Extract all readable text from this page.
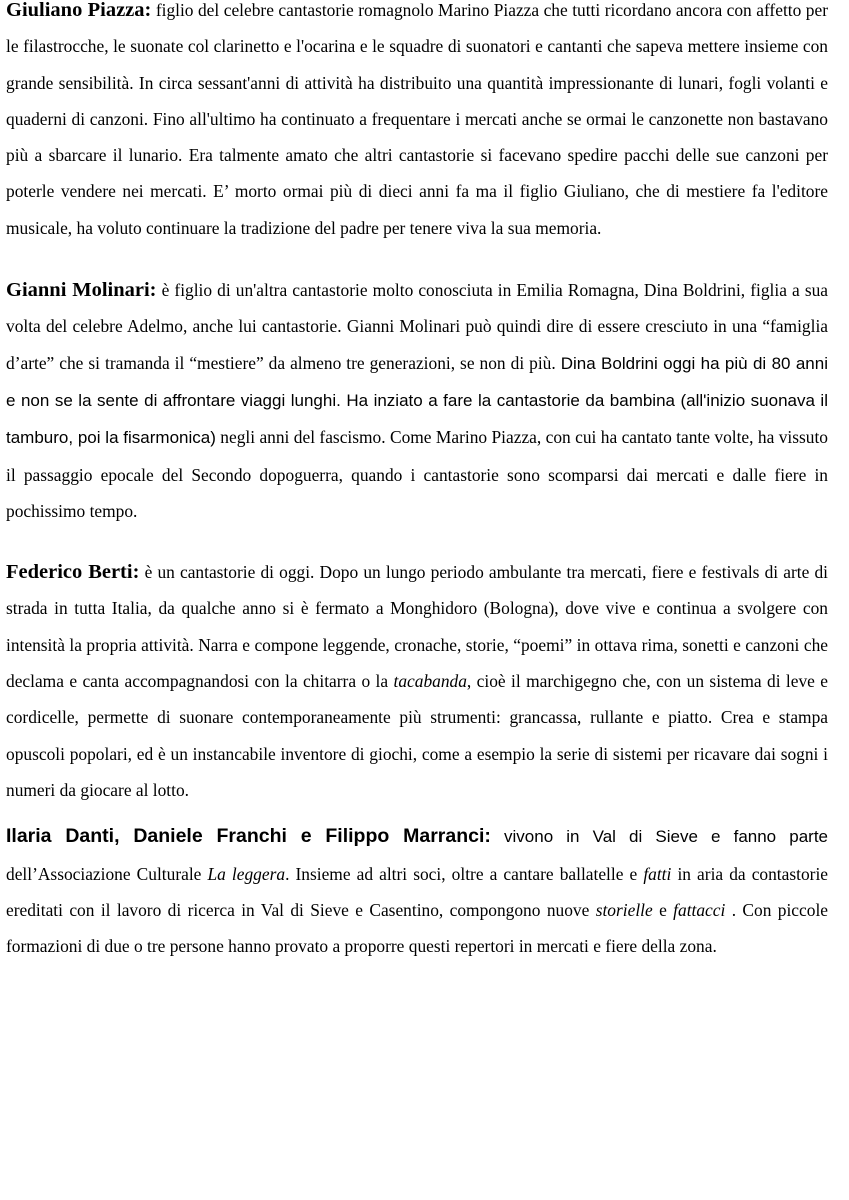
Giuliano Piazza: figlio del celebre cantastorie romagnolo Marino Piazza che tutti ricordano ancora con affetto per le filastrocche, le suonate col clarinetto e l'ocarina e le squadre di suonatori e cantanti che sapeva mettere insieme con grande sensibilità. In circa sessant'anni di attività ha distribuito una quantità impressionante di lunari, fogli volanti e quaderni di canzoni. Fino all'ultimo ha continuato a frequentare i mercati anche se ormai le canzonette non bastavano più a sbarcare il lunario. Era talmente amato che altri cantastorie si facevano spedire pacchi delle sue canzoni per poterle vendere nei mercati. E’ morto ormai più di dieci anni fa ma il figlio Giuliano, che di mestiere fa l'editore musicale, ha voluto continuare la tradizione del padre per tenere viva la sua memoria.

Gianni Molinari: è figlio di un'altra cantastorie molto conosciuta in Emilia Romagna, Dina Boldrini, figlia a sua volta del celebre Adelmo, anche lui cantastorie. Gianni Molinari può quindi dire di essere cresciuto in una “famiglia d’arte” che si tramanda il “mestiere” da almeno tre generazioni, se non di più. Dina Boldrini oggi ha più di 80 anni e non se la sente di affrontare viaggi lunghi. Ha inziato a fare la cantastorie da bambina (all'inizio suonava il tamburo, poi la fisarmonica) negli anni del fascismo. Come Marino Piazza, con cui ha cantato tante volte, ha vissuto il passaggio epocale del Secondo dopoguerra, quando i cantastorie sono scomparsi dai mercati e dalle fiere in pochissimo tempo.

Federico Berti: è un cantastorie di oggi. Dopo un lungo periodo ambulante tra mercati, fiere e festivals di arte di strada in tutta Italia, da qualche anno si è fermato a Monghidoro (Bologna), dove vive e continua a svolgere con intensità la propria attività. Narra e compone leggende, cronache, storie, “poemi” in ottava rima, sonetti e canzoni che declama e canta accompagnandosi con la chitarra o la tacabanda, cioè il marchigegno che, con un sistema di leve e cordicelle, permette di suonare contemporaneamente più strumenti: grancassa, rullante e piatto. Crea e stampa opuscoli popolari, ed è un instancabile inventore di giochi, come a esempio la serie di sistemi per ricavare dai sogni i numeri da giocare al lotto.

Ilaria Danti, Daniele Franchi e Filippo Marranci: vivono in Val di Sieve e fanno parte dell’Associazione Culturale La leggera. Insieme ad altri soci, oltre a cantare ballatelle e fatti in aria da contastorie ereditati con il lavoro di ricerca in Val di Sieve e Casentino, compongono nuove storielle e fattacci . Con piccole formazioni di due o tre persone hanno provato a proporre questi repertori in mercati e fiere della zona.
